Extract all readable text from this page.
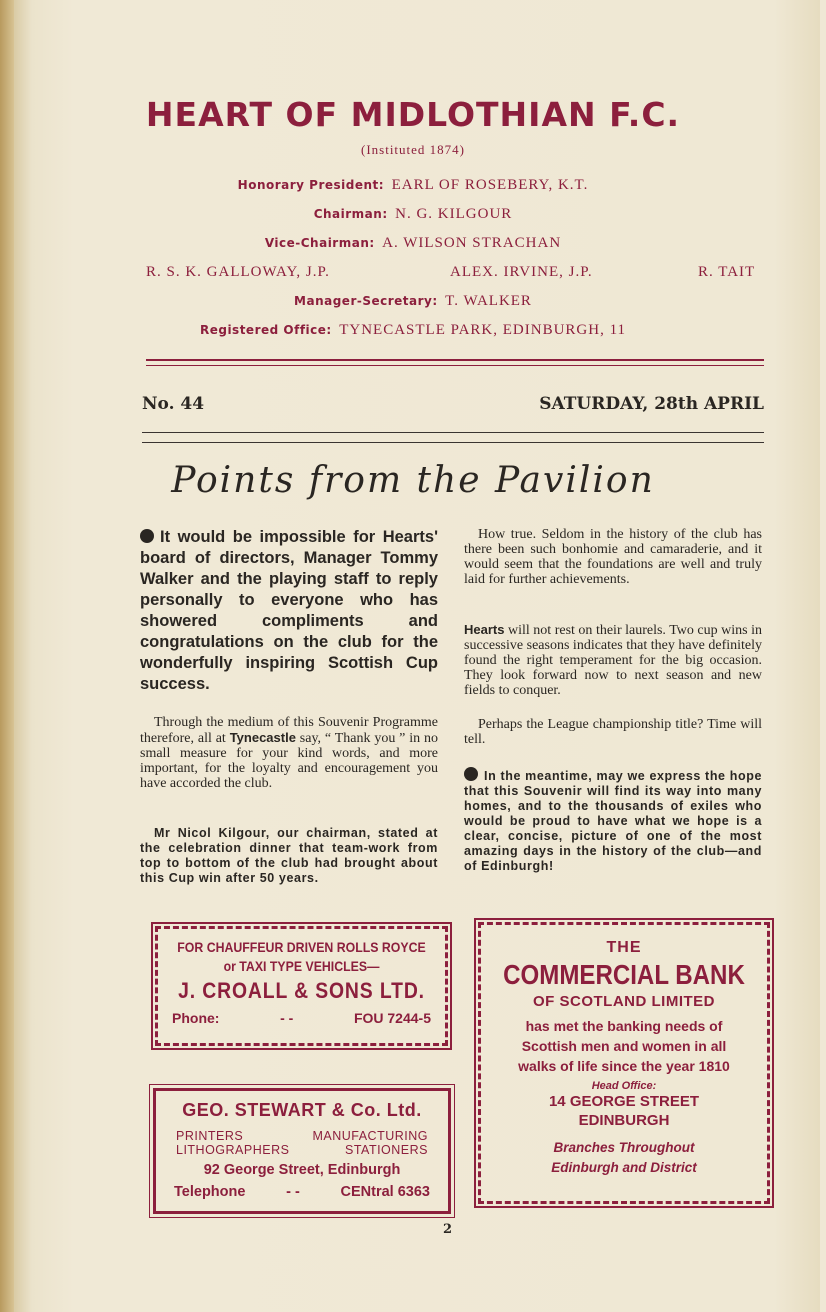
HEART OF MIDLOTHIAN F.C.
(Instituted 1874)
Honorary President: EARL OF ROSEBERY, K.T.
Chairman: N. G. KILGOUR
Vice-Chairman: A. WILSON STRACHAN
R. S. K. GALLOWAY, J.P.	ALEX. IRVINE, J.P.	R. TAIT
Manager-Secretary: T. WALKER
Registered Office: TYNECASTLE PARK, EDINBURGH, 11
No. 44	SATURDAY, 28th APRIL
Points from the Pavilion
It would be impossible for Hearts' board of directors, Manager Tommy Walker and the playing staff to reply personally to everyone who has showered compliments and congratulations on the club for the wonderfully inspiring Scottish Cup success.
Through the medium of this Souvenir Programme therefore, all at Tynecastle say, “ Thank you ” in no small measure for your kind words, and more important, for the loyalty and encouragement you have accorded the club.
Mr Nicol Kilgour, our chairman, stated at the celebration dinner that team-work from top to bottom of the club had brought about this Cup win after 50 years.
How true. Seldom in the history of the club has there been such bonhomie and camaraderie, and it would seem that the foundations are well and truly laid for further achievements.
Hearts will not rest on their laurels. Two cup wins in successive seasons indicates that they have definitely found the right temperament for the big occasion. They look forward now to next season and new fields to conquer.
Perhaps the League championship title? Time will tell.
In the meantime, may we express the hope that this Souvenir will find its way into many homes, and to the thousands of exiles who would be proud to have what we hope is a clear, concise, picture of one of the most amazing days in the history of the club—and of Edinburgh!
FOR CHAUFFEUR DRIVEN ROLLS ROYCE
or TAXI TYPE VEHICLES—
J. CROALL & SONS LTD.
Phone:	- -	FOU 7244-5
GEO. STEWART & Co. Ltd.
PRINTERS	MANUFACTURING
LITHOGRAPHERS	STATIONERS
92 George Street, Edinburgh
Telephone	- -	CENtral 6363
THE
COMMERCIAL BANK
OF SCOTLAND LIMITED
has met the banking needs of
Scottish men and women in all
walks of life since the year 1810
Head Office:
14 GEORGE STREET
EDINBURGH
Branches Throughout
Edinburgh and District
2
